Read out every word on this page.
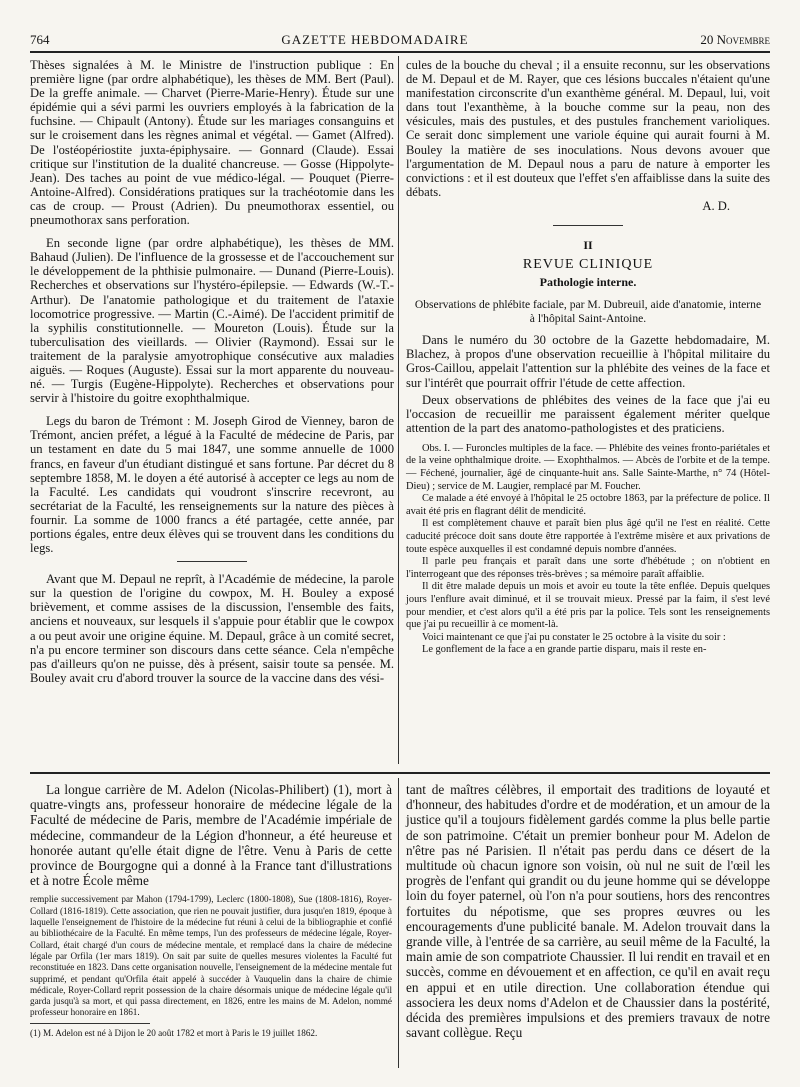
764	GAZETTE HEBDOMADAIRE	20 Novembre

Thèses signalées à M. le Ministre de l'instruction publique : En première ligne (par ordre alphabétique), les thèses de MM. Bert (Paul). De la greffe animale. — Charvet (Pierre-Marie-Henry). Étude sur une épidémie qui a sévi parmi les ouvriers employés à la fabrication de la fuchsine. — Chipault (Antony). Étude sur les mariages consanguins et sur le croisement dans les règnes animal et végétal. — Gamet (Alfred). De l'ostéopériostite juxta-épiphysaire. — Gonnard (Claude). Essai critique sur l'institution de la dualité chancreuse. — Gosse (Hippolyte-Jean). Des taches au point de vue médico-légal. — Pouquet (Pierre-Antoine-Alfred). Considérations pratiques sur la trachéotomie dans les cas de croup. — Proust (Adrien). Du pneumothorax essentiel, ou pneumothorax sans perforation.

En seconde ligne (par ordre alphabétique), les thèses de MM. Bahaud (Julien). De l'influence de la grossesse et de l'accouchement sur le développement de la phthisie pulmonaire. — Dunand (Pierre-Louis). Recherches et observations sur l'hystéro-épilepsie. — Edwards (W.-T.-Arthur). De l'anatomie pathologique et du traitement de l'ataxie locomotrice progressive. — Martin (C.-Aimé). De l'accident primitif de la syphilis constitutionnelle. — Moureton (Louis). Étude sur la tuberculisation des vieillards. — Olivier (Raymond). Essai sur le traitement de la paralysie amyotrophique consécutive aux maladies aiguës. — Roques (Auguste). Essai sur la mort apparente du nouveau-né. — Turgis (Eugène-Hippolyte). Recherches et observations pour servir à l'histoire du goitre exophthalmique.

Legs du baron de Trémont : M. Joseph Girod de Vienney, baron de Trémont, ancien préfet, a légué à la Faculté de médecine de Paris, par un testament en date du 5 mai 1847, une somme annuelle de 1000 francs, en faveur d'un étudiant distingué et sans fortune. Par décret du 8 septembre 1858, M. le doyen a été autorisé à accepter ce legs au nom de la Faculté. Les candidats qui voudront s'inscrire recevront, au secrétariat de la Faculté, les renseignements sur la nature des pièces à fournir. La somme de 1000 francs a été partagée, cette année, par portions égales, entre deux élèves qui se trouvent dans les conditions du legs.

Avant que M. Depaul ne reprît, à l'Académie de médecine, la parole sur la question de l'origine du cowpox, M. H. Bouley a exposé brièvement, et comme assises de la discussion, l'ensemble des faits, anciens et nouveaux, sur lesquels il s'appuie pour établir que le cowpox a ou peut avoir une origine équine. M. Depaul, grâce à un comité secret, n'a pu encore terminer son discours dans cette séance. Cela n'empêche pas d'ailleurs qu'on ne puisse, dès à présent, saisir toute sa pensée. M. Bouley avait cru d'abord trouver la source de la vaccine dans des vési-

cules de la bouche du cheval ; il a ensuite reconnu, sur les observations de M. Depaul et de M. Rayer, que ces lésions buccales n'étaient qu'une manifestation circonscrite d'un exanthème général. M. Depaul, lui, voit dans tout l'exanthème, à la bouche comme sur la peau, non des vésicules, mais des pustules, et des pustules franchement varioliques. Ce serait donc simplement une variole équine qui aurait fourni à M. Bouley la matière de ses inoculations. Nous devons avouer que l'argumentation de M. Depaul nous a paru de nature à emporter les convictions : et il est douteux que l'effet s'en affaiblisse dans la suite des débats.

A. D.

II
REVUE CLINIQUE
Pathologie interne.

Observations de phlébite faciale, par M. Dubreuil, aide d'anatomie, interne à l'hôpital Saint-Antoine.

Dans le numéro du 30 octobre de la Gazette hebdomadaire, M. Blachez, à propos d'une observation recueillie à l'hôpital militaire du Gros-Caillou, appelait l'attention sur la phlébite des veines de la face et sur l'intérêt que pourrait offrir l'étude de cette affection.

Deux observations de phlébites des veines de la face que j'ai eu l'occasion de recueillir me paraissent également mériter quelque attention de la part des anatomo-pathologistes et des praticiens.

Obs. I. — Furoncles multiples de la face. — Phlébite des veines fronto-pariétales et de la veine ophthalmique droite. — Exophthalmos. — Abcès de l'orbite et de la tempe. — Féchené, journalier, âgé de cinquante-huit ans. Salle Sainte-Marthe, n° 74 (Hôtel-Dieu) ; service de M. Laugier, remplacé par M. Foucher.

Ce malade a été envoyé à l'hôpital le 25 octobre 1863, par la préfecture de police. Il avait été pris en flagrant délit de mendicité.

Il est complètement chauve et paraît bien plus âgé qu'il ne l'est en réalité. Cette caducité précoce doit sans doute être rapportée à l'extrême misère et aux privations de toute espèce auxquelles il est condamné depuis nombre d'années.

Il parle peu français et paraît dans une sorte d'hébétude ; on n'obtient en l'interrogeant que des réponses très-brèves ; sa mémoire paraît affaiblie.

Il dit être malade depuis un mois et avoir eu toute la tête enflée. Depuis quelques jours l'enflure avait diminué, et il se trouvait mieux. Pressé par la faim, il s'est levé pour mendier, et c'est alors qu'il a été pris par la police. Tels sont les renseignements que j'ai pu recueillir à ce moment-là.

Voici maintenant ce que j'ai pu constater le 25 octobre à la visite du soir :

Le gonflement de la face a en grande partie disparu, mais il reste en-

La longue carrière de M. Adelon (Nicolas-Philibert) (1), mort à quatre-vingts ans, professeur honoraire de médecine légale de la Faculté de médecine de Paris, membre de l'Académie impériale de médecine, commandeur de la Légion d'honneur, a été heureuse et honorée autant qu'elle était digne de l'être. Venu à Paris de cette province de Bourgogne qui a donné à la France tant d'illustrations et à notre École même

remplie successivement par Mahon (1794-1799), Leclerc (1800-1808), Sue (1808-1816), Royer-Collard (1816-1819). Cette association, que rien ne pouvait justifier, dura jusqu'en 1819, époque à laquelle l'enseignement de l'histoire de la médecine fut réuni à celui de la bibliographie et confié au bibliothécaire de la Faculté. En même temps, l'un des professeurs de médecine légale, Royer-Collard, était chargé d'un cours de médecine mentale, et remplacé dans la chaire de médecine légale par Orfila (1er mars 1819). On sait par suite de quelles mesures violentes la Faculté fut reconstituée en 1823. Dans cette organisation nouvelle, l'enseignement de la médecine mentale fut supprimé, et pendant qu'Orfila était appelé à succéder à Vauquelin dans la chaire de chimie médicale, Royer-Collard reprit possession de la chaire désormais unique de médecine légale qu'il garda jusqu'à sa mort, et qui passa directement, en 1826, entre les mains de M. Adelon, nommé professeur honoraire en 1861.

(1) M. Adelon est né à Dijon le 20 août 1782 et mort à Paris le 19 juillet 1862.

tant de maîtres célèbres, il emportait des traditions de loyauté et d'honneur, des habitudes d'ordre et de modération, et un amour de la justice qu'il a toujours fidèlement gardés comme la plus belle partie de son patrimoine. C'était un premier bonheur pour M. Adelon de n'être pas né Parisien. Il n'était pas perdu dans ce désert de la multitude où chacun ignore son voisin, où nul ne suit de l'œil les progrès de l'enfant qui grandit ou du jeune homme qui se développe loin du foyer paternel, où l'on n'a pour soutiens, hors des rencontres fortuites du népotisme, que ses propres œuvres ou les encouragements d'une publicité banale. M. Adelon trouvait dans la grande ville, à l'entrée de sa carrière, au seuil même de la Faculté, la main amie de son compatriote Chaussier. Il lui rendit en travail et en succès, comme en dévouement et en affection, ce qu'il en avait reçu en appui et en utile direction. Une collaboration étendue qui associera les deux noms d'Adelon et de Chaussier dans la postérité, décida des premières impulsions et des premiers travaux de notre savant collègue. Reçu
